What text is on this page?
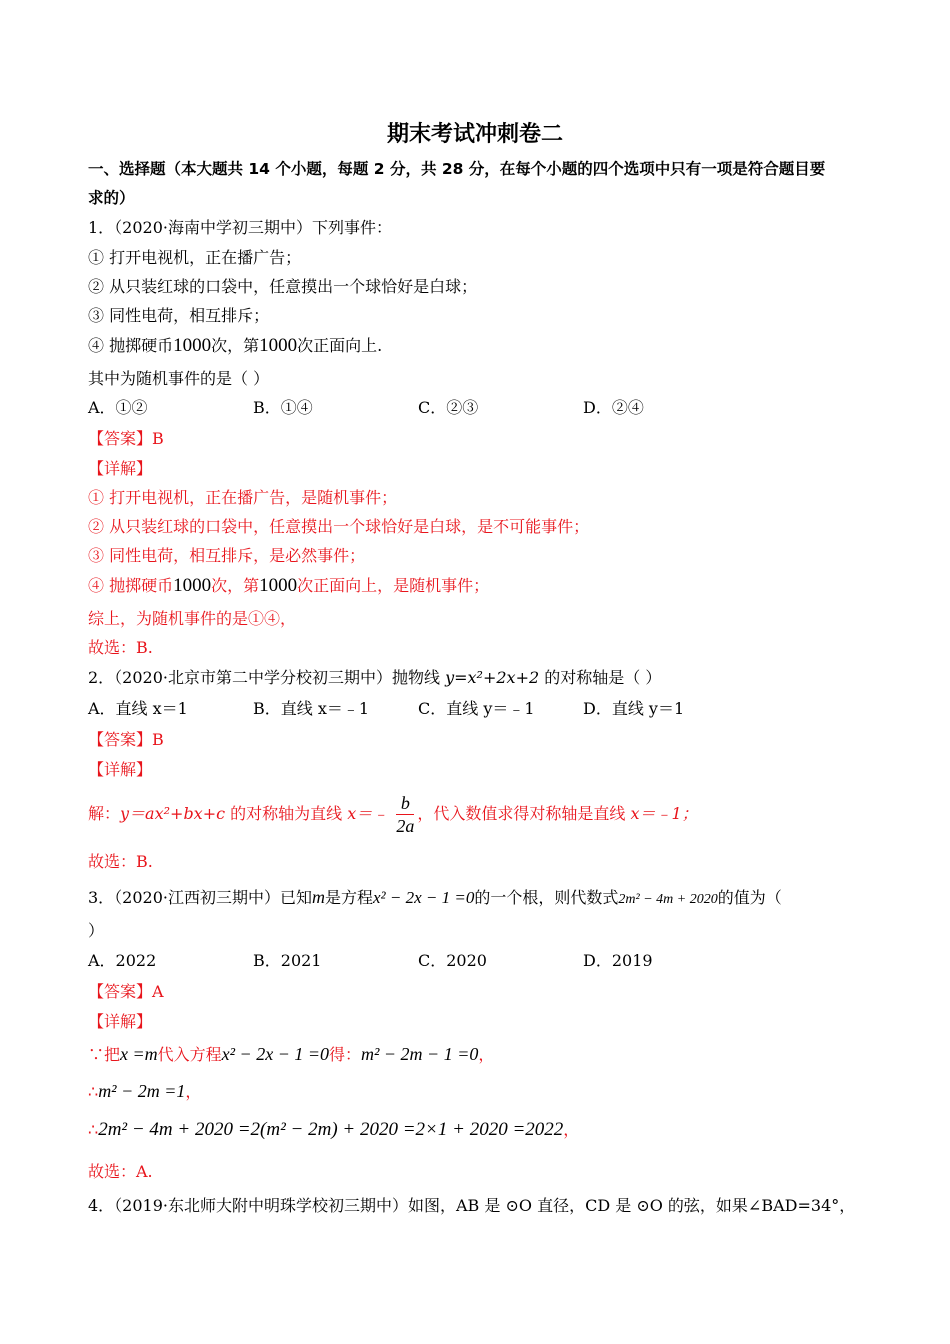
期末考试冲刺卷二
一、选择题（本大题共 14 个小题，每题 2 分，共 28 分，在每个小题的四个选项中只有一项是符合题目要
求的）
1．（2020·海南中学初三期中）下列事件：
① 打开电视机，正在播广告；
② 从只装红球的口袋中，任意摸出一个球恰好是白球；
③ 同性电荷，相互排斥；
④ 抛掷硬币1000次，第1000次正面向上.
其中为随机事件的是（ ）
A．①②	B．①④	C．②③	D．②④
【答案】B
【详解】
① 打开电视机，正在播广告，是随机事件；
② 从只装红球的口袋中，任意摸出一个球恰好是白球，是不可能事件；
③ 同性电荷，相互排斥，是必然事件；
④ 抛掷硬币1000次，第1000次正面向上，是随机事件；
综上，为随机事件的是①④，
故选：B.
2．（2020·北京市第二中学分校初三期中）抛物线 y=x²+2x+2 的对称轴是（ ）
A．直线 x＝1	B．直线 x＝﹣1	C．直线 y＝﹣1	D．直线 y＝1
【答案】B
【详解】
解：y＝ax²+bx+c 的对称轴为直线 x＝﹣ $\frac{b}{2a}$ ，代入数值求得对称轴是直线 x＝﹣1；
故选：B.
3．（2020·江西初三期中）已知m是方程x² − 2x − 1 =0的一个根，则代数式2m² − 4m + 2020的值为（
）
A．2022	B．2021	C．2020	D．2019
【答案】A
【详解】
∵把x =m代入方程x² − 2x − 1 =0得：m² − 2m − 1 =0，
∴m² − 2m =1，
∴2m² − 4m + 2020 =2(m² − 2m) + 2020 =2×1 + 2020 =2022，
故选：A.
4．（2019·东北师大附中明珠学校初三期中）如图，AB 是 ⊙O 直径，CD 是 ⊙O 的弦，如果∠BAD=34°，
